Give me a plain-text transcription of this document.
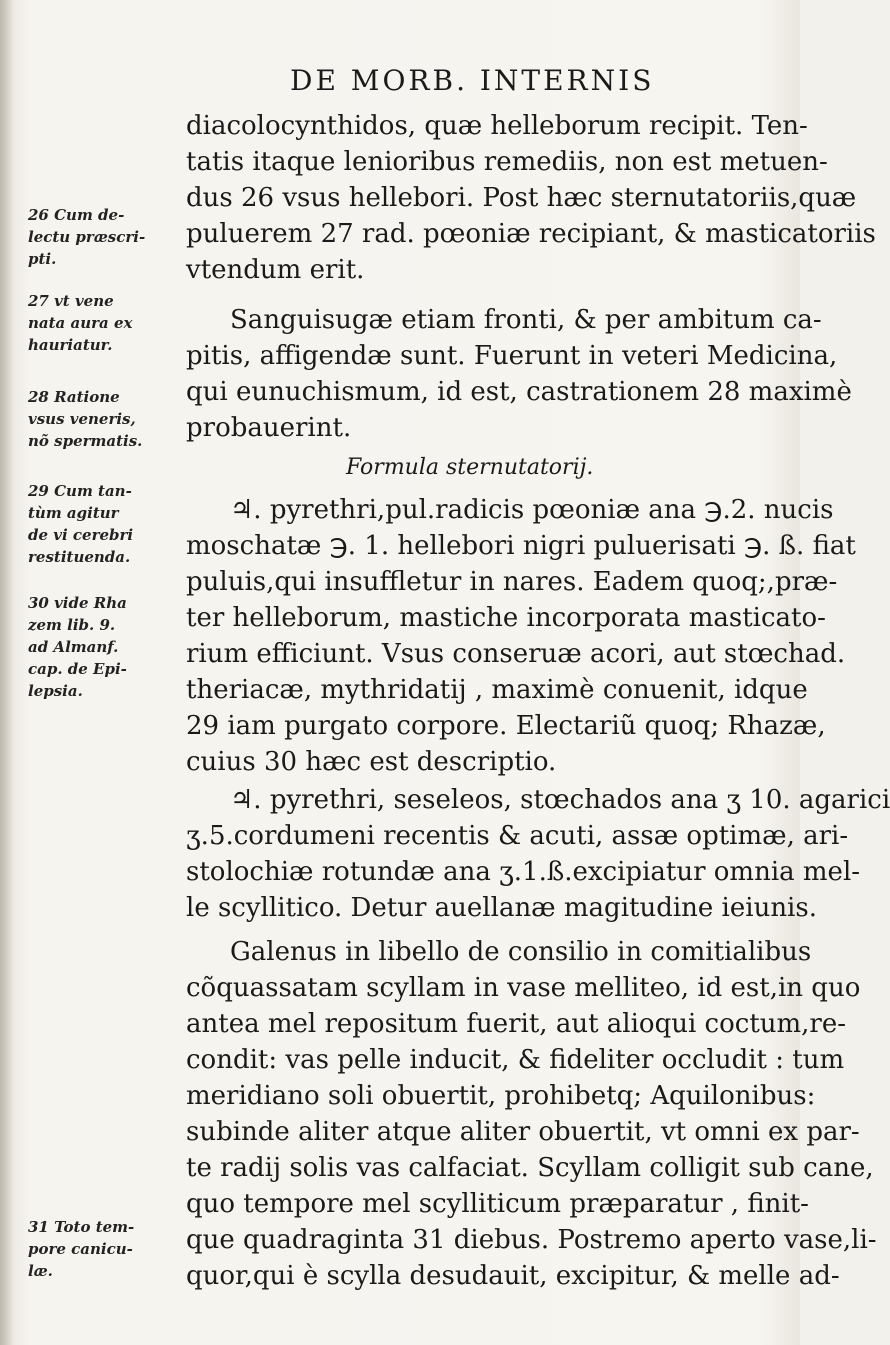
DE MORB. INTERNIS
diacolocynthidos, quæ helleborum recipit. Ten-
tatis itaque lenioribus remediis, non est metuen-
dus 26 vsus hellebori. Post hæc sternutatoriis,quæ
puluerem 27 rad. pœoniæ recipiant, & masticatoriis
vtendum erit.
Sanguisugæ etiam fronti, & per ambitum ca-
pitis, affigendæ sunt. Fuerunt in veteri Medicina,
qui eunuchismum, id est, castrationem 28 maximè
probauerint.
Formula sternutatorij.
♃. pyrethri,pul.radicis pœoniæ ana ℈.2. nucis
moschatæ ℈. 1. hellebori nigri puluerisati ℈. ß. fiat
puluis,qui insuffletur in nares. Eadem quoq;,præ-
ter helleborum, mastiche incorporata masticato-
rium efficiunt. Vsus conseruæ acori, aut stœchad.
theriacæ, mythridatij , maximè conuenit, idque
29 iam purgato corpore. Electariũ quoq; Rhazæ,
cuius 30 hæc est descriptio.
♃. pyrethri, seseleos, stœchados ana ʒ 10. agarici
ʒ.5.cordumeni recentis & acuti, assæ optimæ, ari-
stolochiæ rotundæ ana ʒ.1.ß.excipiatur omnia mel-
le scyllitico. Detur auellanæ magitudine ieiunis.
Galenus in libello de consilio in comitialibus
cõquassatam scyllam in vase melliteo, id est,in quo
antea mel repositum fuerit, aut alioqui coctum,re-
condit: vas pelle inducit, & fideliter occludit : tum
meridiano soli obuertit, prohibetq; Aquilonibus:
subinde aliter atque aliter obuertit, vt omni ex par-
te radij solis vas calfaciat. Scyllam colligit sub cane,
quo tempore mel scylliticum præparatur , finit-
que quadraginta 31 diebus. Postremo aperto vase,li-
quor,qui è scylla desudauit, excipitur, & melle ad-
26 Cum de-
lectu præscri-
pti.
27 vt vene
nata aura ex
hauriatur.
28 Ratione
vsus veneris,
nõ spermatis.
29 Cum tan-
tùm agitur
de vi cerebri
restituenda.
30 vide Rha
zem lib. 9.
ad Almanf.
cap. de Epi-
lepsia.
31 Toto tem-
pore canicu-
læ.
